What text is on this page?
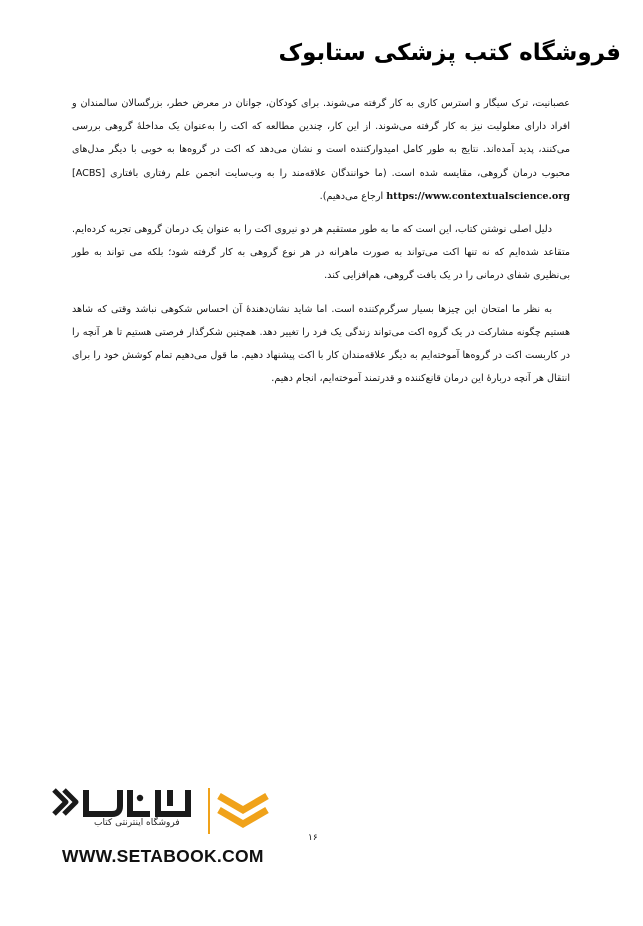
فروشگاه کتب پزشکی ستابوک

عصبانیت، ترک سیگار و استرس کاری به کار گرفته می‌شوند. برای کودکان، جوانان در معرض خطر، بزرگسالان سالمندان و افراد دارای معلولیت نیز به کار گرفته می‌شوند. از این کار، چندین مطالعه که اکت را به‌عنوان یک مداخلهٔ گروهی بررسی می‌کنند، پدید آمده‌اند. نتایج به طور کامل امیدوارکننده است و نشان می‌دهد که اکت در گروه‌ها به خوبی با دیگر مدل‌های محبوب درمان گروهی، مقایسه شده است. (ما خوانندگان علاقه‌مند را به وب‌سایت انجمن علم رفتاری بافتاری [ACBS] https://www.contextualscience.org ارجاع می‌دهیم).

دلیل اصلی نوشتن کتاب، این است که ما به طور مستقیم هر دو نیروی اکت را به عنوان یک درمان گروهی تجربه کرده‌ایم. متقاعد شده‌ایم که نه تنها اکت می‌تواند به صورت ماهرانه در هر نوع گروهی به کار گرفته شود؛ بلکه می تواند به طور بی‌نظیری شفای درمانی را در یک بافت گروهی، هم‌افزایی کند.

به نظر ما امتحان این چیزها بسیار سرگرم‌کننده است. اما شاید نشان‌دهندهٔ آن احساس شکوهی نباشد وقتی که شاهد هستیم چگونه مشارکت در یک گروه اکت می‌تواند زندگی یک فرد را تغییر دهد. همچنین شکرگذار فرصتی هستیم تا هر آنچه را در کاربست اکت در گروه‌ها آموخته‌ایم به دیگر علاقه‌مندان کار با اکت پیشنهاد دهیم. ما قول می‌دهیم تمام کوشش خود را برای انتقال هر آنچه دربارهٔ این درمان قانع‌کننده و قدرتمند آموخته‌ایم، انجام دهیم.

۱۶
فروشگاه اینترنتی کتاب
WWW.SETABOOK.COM
